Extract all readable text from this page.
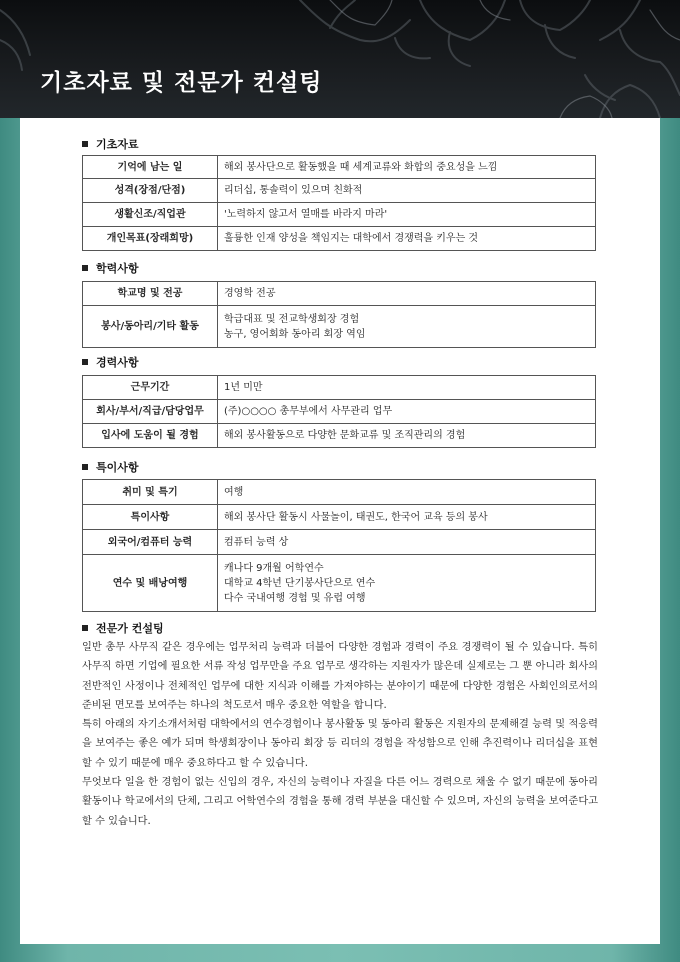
기초자료 및 전문가 컨설팅
기초자료
기억에 남는 일	해외 봉사단으로 활동했을 때 세계교류와 화합의 중요성을 느낌
성격(장점/단점)	리더십, 통솔력이 있으며 친화적
생활신조/직업관	'노력하지 않고서 열매를 바라지 마라'
개인목표(장래희망)	훌륭한 인재 양성을 책임지는 대학에서 경쟁력을 키우는 것
학력사항
학교명 및 전공	경영학 전공

봉사/동아리/기타 활동	학급대표 및 전교학생회장 경험
농구, 영어회화 동아리 회장 역임
경력사항
근무기간	1년 미만
회사/부서/직급/담당업무	(주)○○○○ 총무부에서 사무관리 업무
입사에 도움이 될 경험	해외 봉사활동으로 다양한 문화교류 및 조직관리의 경험
특이사항
취미 및 특기	여행

특이사항	해외 봉사단 활동시 사물놀이, 태권도, 한국어 교육 등의 봉사

외국어/컴퓨터 능력	컴퓨터 능력 상

연수 및 배낭여행	캐나다 9개월 어학연수
대학교 4학년 단기봉사단으로 연수
다수 국내여행 경험 및 유럽 여행
전문가 컨설팅

일반 총무 사무직 같은 경우에는 업무처리 능력과 더불어 다양한 경험과 경력이 주요 경쟁력이 될 수 있습니다. 특히 사무직 하면 기업에 필요한 서류 작성 업무만을 주요 업무로 생각하는 지원자가 많은데 실제로는 그 뿐 아니라 회사의 전반적인 사정이나 전체적인 업무에 대한 지식과 이해를 가져야하는 분야이기 때문에 다양한 경험은 사회인의로서의 준비된 면모를 보여주는 하나의 척도로서 매우 중요한 역할을 합니다.

특히 아래의 자기소개서처럼 대학에서의 연수경험이나 봉사활동 및 동아리 활동은 지원자의 문제해결 능력 및 적응력을 보여주는 좋은 예가 되며 학생회장이나 동아리 회장 등 리더의 경험을 작성함으로 인해 추진력이나 리더십을 표현할 수 있기 때문에 매우 중요하다고 할 수 있습니다.

무엇보다 일을 한 경험이 없는 신입의 경우, 자신의 능력이나 자질을 다른 어느 경력으로 채울 수 없기 때문에 동아리 활동이나 학교에서의 단체, 그리고 어학연수의 경험을 통해 경력 부분을 대신할 수 있으며, 자신의 능력을 보여준다고 할 수 있습니다.
